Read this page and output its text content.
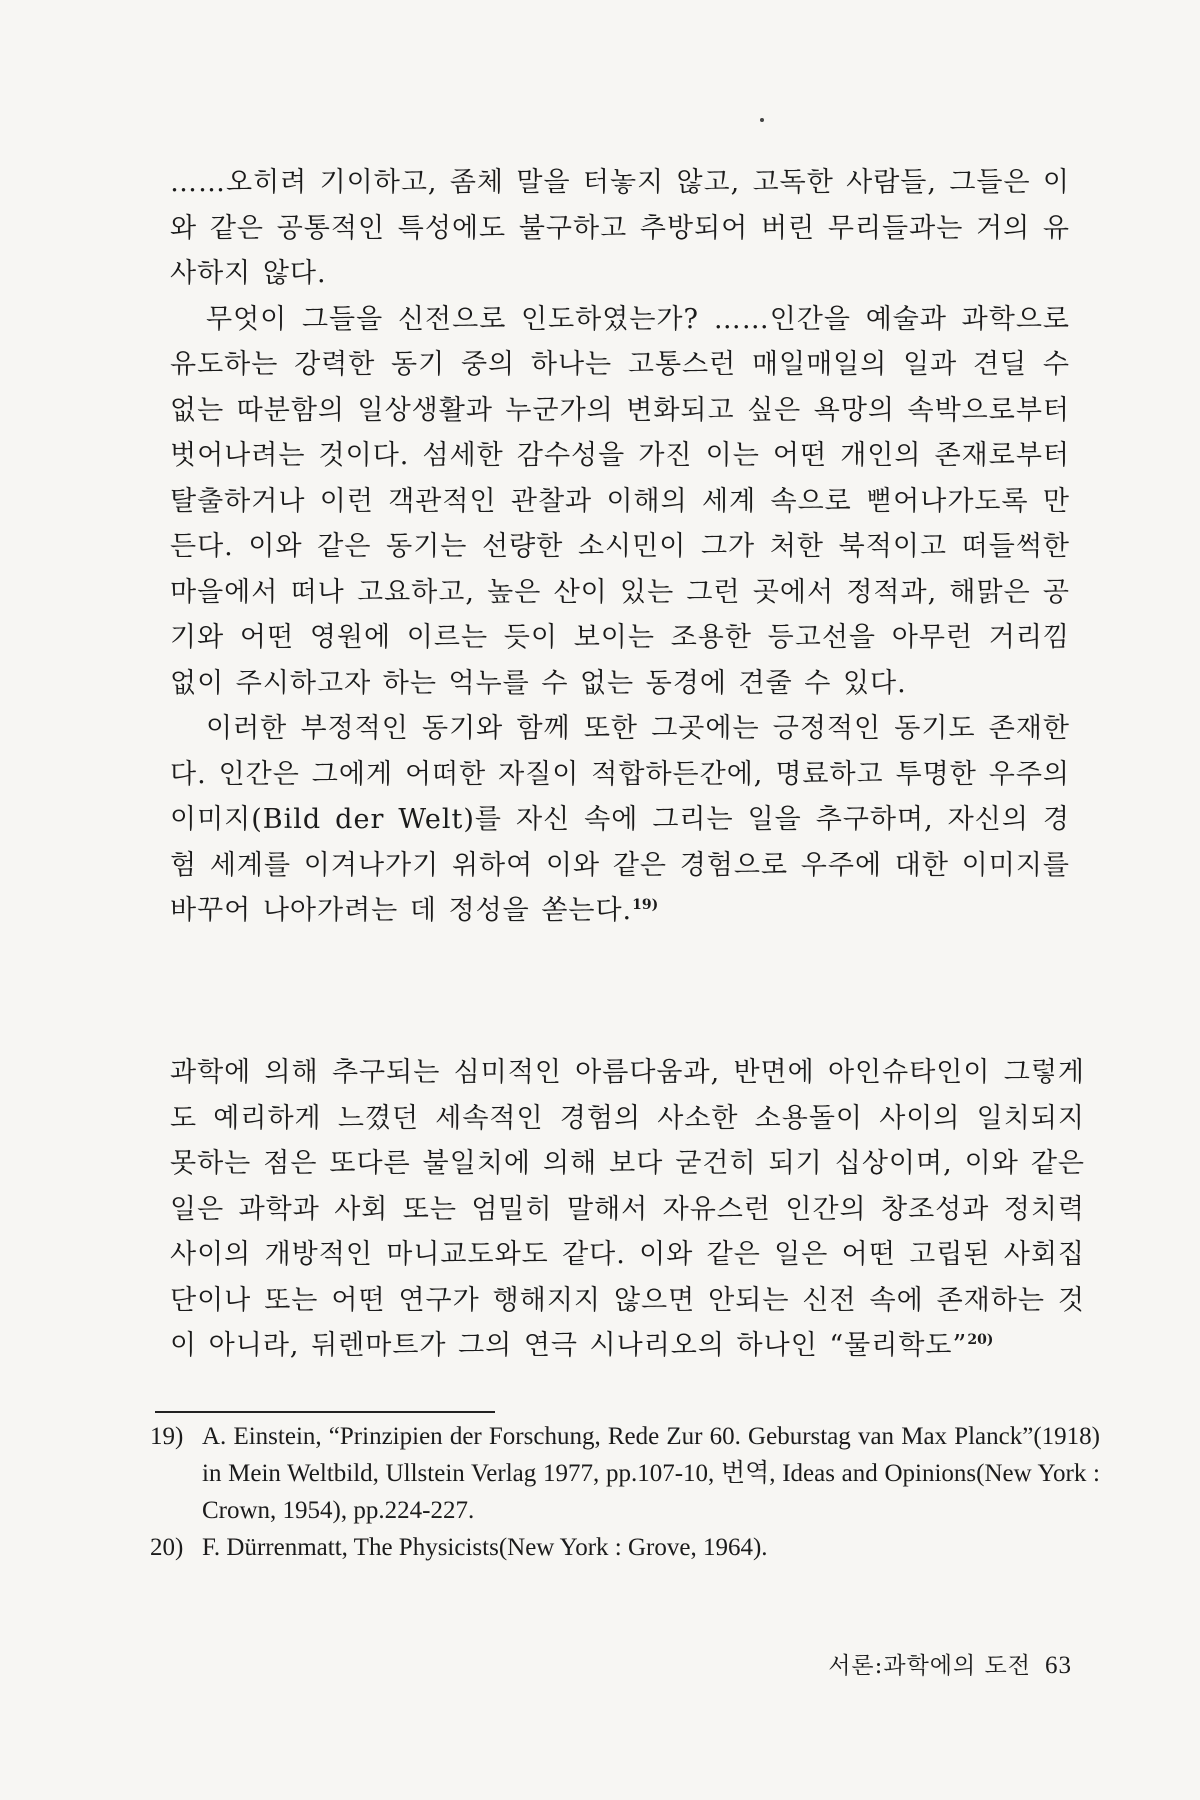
……오히려 기이하고, 좀체 말을 터놓지 않고, 고독한 사람들, 그들은 이와 같은 공통적인 특성에도 불구하고 추방되어 버린 무리들과는 거의 유사하지 않다.

무엇이 그들을 신전으로 인도하였는가? ……인간을 예술과 과학으로 유도하는 강력한 동기 중의 하나는 고통스런 매일매일의 일과 견딜 수 없는 따분함의 일상생활과 누군가의 변화되고 싶은 욕망의 속박으로부터 벗어나려는 것이다. 섬세한 감수성을 가진 이는 어떤 개인의 존재로부터 탈출하거나 이런 객관적인 관찰과 이해의 세계 속으로 뻗어나가도록 만든다. 이와 같은 동기는 선량한 소시민이 그가 처한 북적이고 떠들썩한 마을에서 떠나 고요하고, 높은 산이 있는 그런 곳에서 정적과, 해맑은 공기와 어떤 영원에 이르는 듯이 보이는 조용한 등고선을 아무런 거리낌 없이 주시하고자 하는 억누를 수 없는 동경에 견줄 수 있다.

이러한 부정적인 동기와 함께 또한 그곳에는 긍정적인 동기도 존재한다. 인간은 그에게 어떠한 자질이 적합하든간에, 명료하고 투명한 우주의 이미지(Bild der Welt)를 자신 속에 그리는 일을 추구하며, 자신의 경험 세계를 이겨나가기 위하여 이와 같은 경험으로 우주에 대한 이미지를 바꾸어 나아가려는 데 정성을 쏟는다.$^{19)}$

과학에 의해 추구되는 심미적인 아름다움과, 반면에 아인슈타인이 그렇게도 예리하게 느꼈던 세속적인 경험의 사소한 소용돌이 사이의 일치되지 못하는 점은 또다른 불일치에 의해 보다 굳건히 되기 십상이며, 이와 같은 일은 과학과 사회 또는 엄밀히 말해서 자유스런 인간의 창조성과 정치력 사이의 개방적인 마니교도와도 같다. 이와 같은 일은 어떤 고립된 사회집단이나 또는 어떤 연구가 행해지지 않으면 안되는 신전 속에 존재하는 것이 아니라, 뒤렌마트가 그의 연극 시나리오의 하나인 “물리학도”$^{20)}$

19) A. Einstein, “Prinzipien der Forschung, Rede Zur 60. Geburstag van Max Planck”(1918) in Mein Weltbild, Ullstein Verlag 1977, pp.107-10, 번역, Ideas and Opinions(New York : Crown, 1954), pp.224-227.

20) F. Dürrenmatt, The Physicists(New York : Grove, 1964).

서론:과학에의 도전 63
